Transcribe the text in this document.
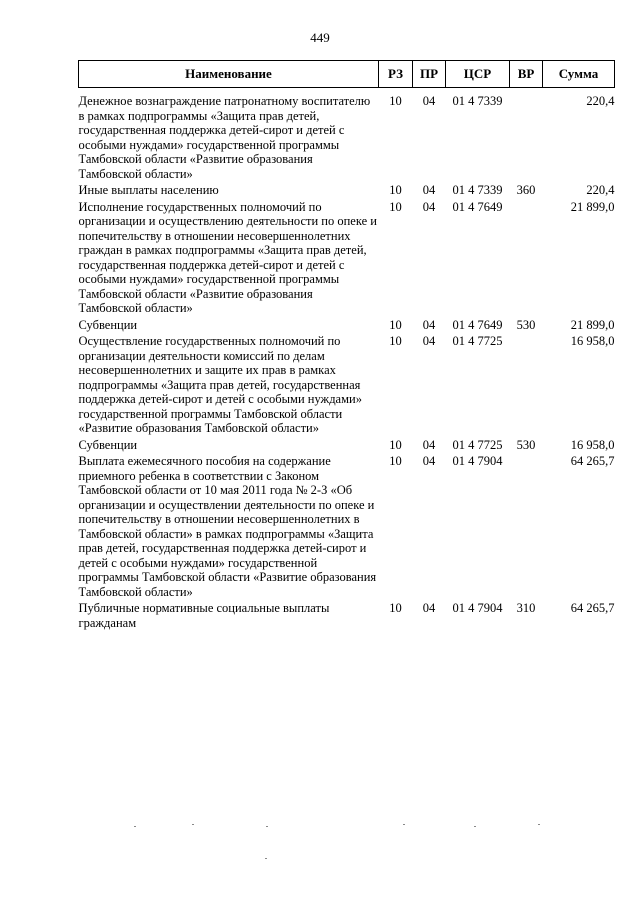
449
Наименование	РЗ	ПР	ЦСР	ВР	Сумма
Денежное вознаграждение патронатному воспитателю в рамках подпрограммы «Защита прав детей, государственная поддержка детей-сирот и детей с особыми нуждами» государственной программы Тамбовской области «Развитие образования Тамбовской области»	10	04	01 4 7339		220,4
Иные выплаты населению	10	04	01 4 7339	360	220,4
Исполнение государственных полномочий по организации и осуществлению деятельности по опеке и попечительству в отношении несовершеннолетних граждан в рамках подпрограммы «Защита прав детей, государственная поддержка детей-сирот и детей с особыми нуждами» государственной программы Тамбовской области «Развитие образования Тамбовской области»	10	04	01 4 7649		21 899,0
Субвенции	10	04	01 4 7649	530	21 899,0
Осуществление государственных полномочий по организации деятельности комиссий по делам несовершеннолетних и защите их прав в рамках подпрограммы «Защита прав детей, государственная поддержка детей-сирот и детей с особыми нуждами» государственной программы Тамбовской области «Развитие образования Тамбовской области»	10	04	01 4 7725		16 958,0
Субвенции	10	04	01 4 7725	530	16 958,0
Выплата ежемесячного пособия на содержание приемного ребенка в соответствии с Законом Тамбовской области от 10 мая 2011 года № 2-З «Об организации и осуществлении деятельности по опеке и попечительству в отношении несовершеннолетних в Тамбовской области» в рамках подпрограммы «Защита прав детей, государственная поддержка детей-сирот и детей с особыми нуждами» государственной программы Тамбовской области «Развитие образования Тамбовской области»	10	04	01 4 7904		64 265,7
Публичные нормативные социальные выплаты гражданам	10	04	01 4 7904	310	64 265,7
